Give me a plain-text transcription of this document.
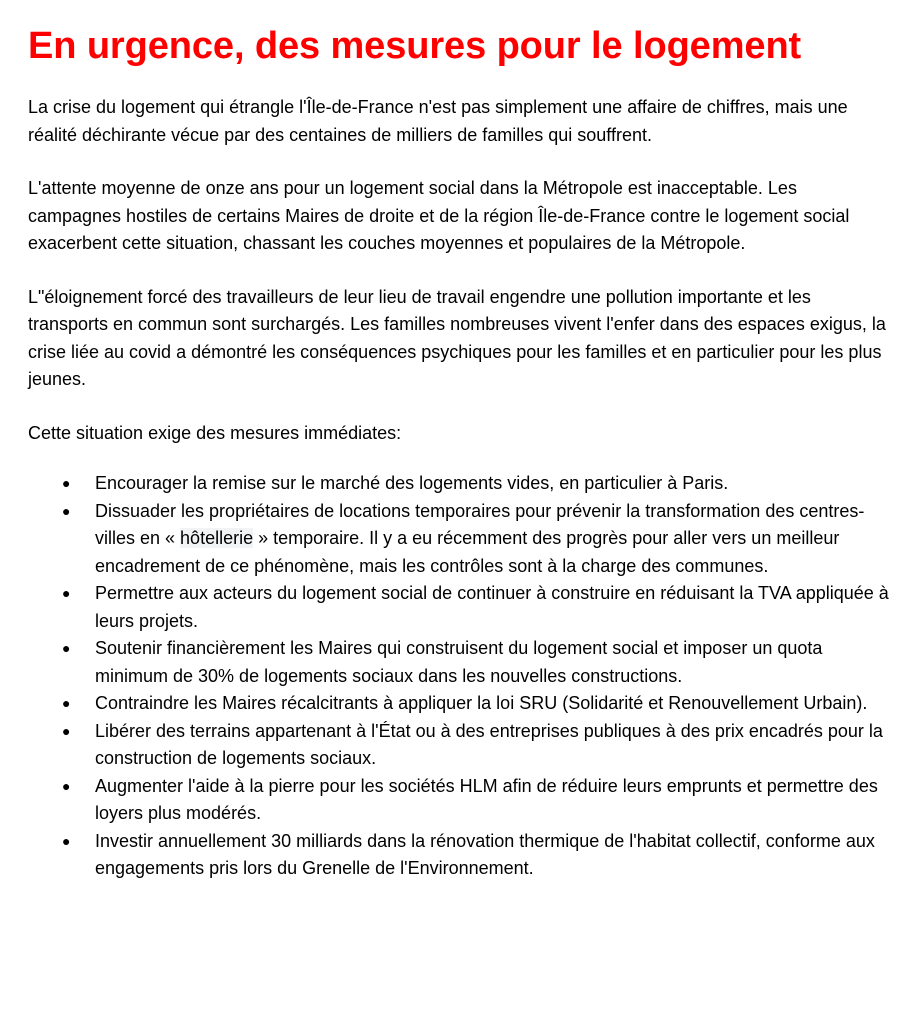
En urgence, des mesures pour le logement

La crise du logement qui étrangle l'Île-de-France n'est pas simplement une affaire de chiffres, mais une réalité déchirante vécue par des centaines de milliers de familles qui souffrent.

L'attente moyenne de onze ans pour un logement social dans la Métropole est inacceptable. Les campagnes hostiles de certains Maires de droite et de la région Île-de-France contre le logement social exacerbent cette situation, chassant les couches moyennes et populaires de la Métropole.

L"éloignement forcé des travailleurs de leur lieu de travail engendre une pollution importante et les transports en commun sont surchargés. Les familles nombreuses vivent l'enfer dans des espaces exigus, la crise liée au covid a démontré les conséquences psychiques pour les familles et en particulier pour les plus jeunes.

Cette situation exige des mesures immédiates:

● Encourager la remise sur le marché des logements vides, en particulier à Paris.
● Dissuader les propriétaires de locations temporaires pour prévenir la transformation des centres-villes en « hôtellerie » temporaire. Il y a eu récemment des progrès pour aller vers un meilleur encadrement de ce phénomène, mais les contrôles sont à la charge des communes.
● Permettre aux acteurs du logement social de continuer à construire en réduisant la TVA appliquée à leurs projets.
● Soutenir financièrement les Maires qui construisent du logement social et imposer un quota minimum de 30% de logements sociaux dans les nouvelles constructions.
● Contraindre les Maires récalcitrants à appliquer la loi SRU (Solidarité et Renouvellement Urbain).
● Libérer des terrains appartenant à l'État ou à des entreprises publiques à des prix encadrés pour la construction de logements sociaux.
● Augmenter l'aide à la pierre pour les sociétés HLM afin de réduire leurs emprunts et permettre des loyers plus modérés.
● Investir annuellement 30 milliards dans la rénovation thermique de l'habitat collectif, conforme aux engagements pris lors du Grenelle de l'Environnement.
